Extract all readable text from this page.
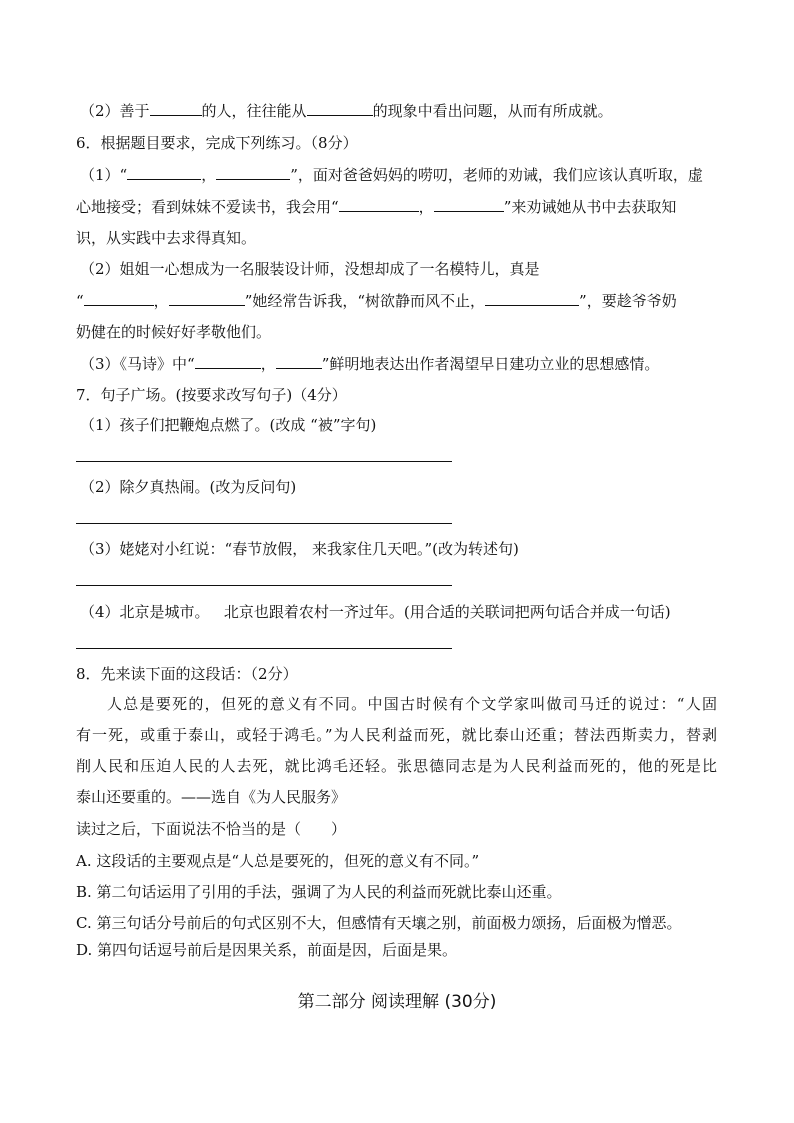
（2）善于	的人，往往能从	的现象中看出问题，从而有所成就。
6．根据题目要求，完成下列练习。（8分）
（1）“	，	”，面对爸爸妈妈的唠叨，老师的劝诫，我们应该认真听取，虚
心地接受；看到妹妹不爱读书，我会用“	，	”来劝诫她从书中去获取知
识，从实践中去求得真知。
（2）姐姐一心想成为一名服装设计师，没想却成了一名模特儿，真是
“	，	”她经常告诉我，“树欲静而风不止，	”，要趁爷爷奶
奶健在的时候好好孝敬他们。
（3）《马诗》中“	，	”鲜明地表达出作者渴望早日建功立业的思想感情。
7．句子广场。(按要求改写句子)（4分）
（1）孩子们把鞭炮点燃了。(改成 “被”字句)
（2）除夕真热闹。(改为反问句)
（3）姥姥对小红说：“春节放假， 来我家住几天吧。”(改为转述句)
（4）北京是城市。   北京也跟着农村一齐过年。(用合适的关联词把两句话合并成一句话)
8．先来读下面的这段话：（2分）
人总是要死的，但死的意义有不同。中国古时候有个文学家叫做司马迁的说过：“人固
有一死，或重于泰山，或轻于鸿毛。”为人民利益而死，就比泰山还重；替法西斯卖力，替剥
削人民和压迫人民的人去死，就比鸿毛还轻。张思德同志是为人民利益而死的，他的死是比
泰山还要重的。——选自《为人民服务》
读过之后，下面说法不恰当的是（　　）
A. 这段话的主要观点是“人总是要死的，但死的意义有不同。”
B. 第二句话运用了引用的手法，强调了为人民的利益而死就比泰山还重。
C. 第三句话分号前后的句式区别不大，但感情有天壤之别，前面极力颂扬，后面极为憎恶。
D. 第四句话逗号前后是因果关系，前面是因，后面是果。
第二部分 阅读理解 (30分)
